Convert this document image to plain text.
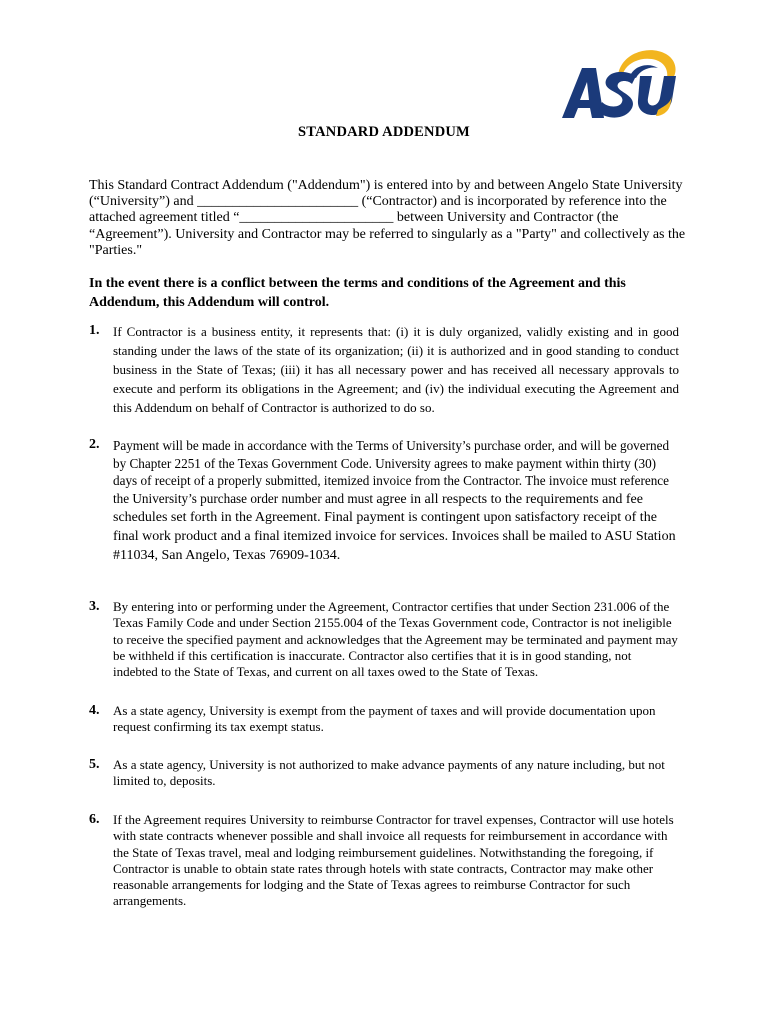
STANDARD ADDENDUM
This Standard Contract Addendum ("Addendum") is entered into by and between Angelo State University (“University”) and _______________________ (“Contractor) and is incorporated by reference into the attached agreement titled “______________________ between University and Contractor (the “Agreement”). University and Contractor may be referred to singularly as a "Party" and collectively as the "Parties."
In the event there is a conflict between the terms and conditions of the Agreement and this Addendum, this Addendum will control.
1.	If Contractor is a business entity, it represents that: (i) it is duly organized, validly existing and in good standing under the laws of the state of its organization; (ii) it is authorized and in good standing to conduct business in the State of Texas; (iii) it has all necessary power and has received all necessary approvals to execute and perform its obligations in the Agreement; and (iv) the individual executing the Agreement and this Addendum on behalf of Contractor is authorized to do so.
2.	Payment will be made in accordance with the Terms of University’s purchase order, and will be governed by Chapter 2251 of the Texas Government Code. University agrees to make payment within thirty (30) days of receipt of a properly submitted, itemized invoice from the Contractor. The invoice must reference the University’s purchase order number and must agree in all respects to the requirements and fee schedules set forth in the Agreement. Final payment is contingent upon satisfactory receipt of the final work product and a final itemized invoice for services. Invoices shall be mailed to ASU Station #11034, San Angelo, Texas 76909-1034.
3.	By entering into or performing under the Agreement, Contractor certifies that under Section 231.006 of the Texas Family Code and under Section 2155.004 of the Texas Government code, Contractor is not ineligible to receive the specified payment and acknowledges that the Agreement may be terminated and payment may be withheld if this certification is inaccurate. Contractor also certifies that it is in good standing, not indebted to the State of Texas, and current on all taxes owed to the State of Texas.
4.	As a state agency, University is exempt from the payment of taxes and will provide documentation upon request confirming its tax exempt status.
5.	As a state agency, University is not authorized to make advance payments of any nature including, but not limited to, deposits.
6.	If the Agreement requires University to reimburse Contractor for travel expenses, Contractor will use hotels with state contracts whenever possible and shall invoice all requests for reimbursement in accordance with the State of Texas travel, meal and lodging reimbursement guidelines. Notwithstanding the foregoing, if Contractor is unable to obtain state rates through hotels with state contracts, Contractor may make other reasonable arrangements for lodging and the State of Texas agrees to reimburse Contractor for such arrangements.
